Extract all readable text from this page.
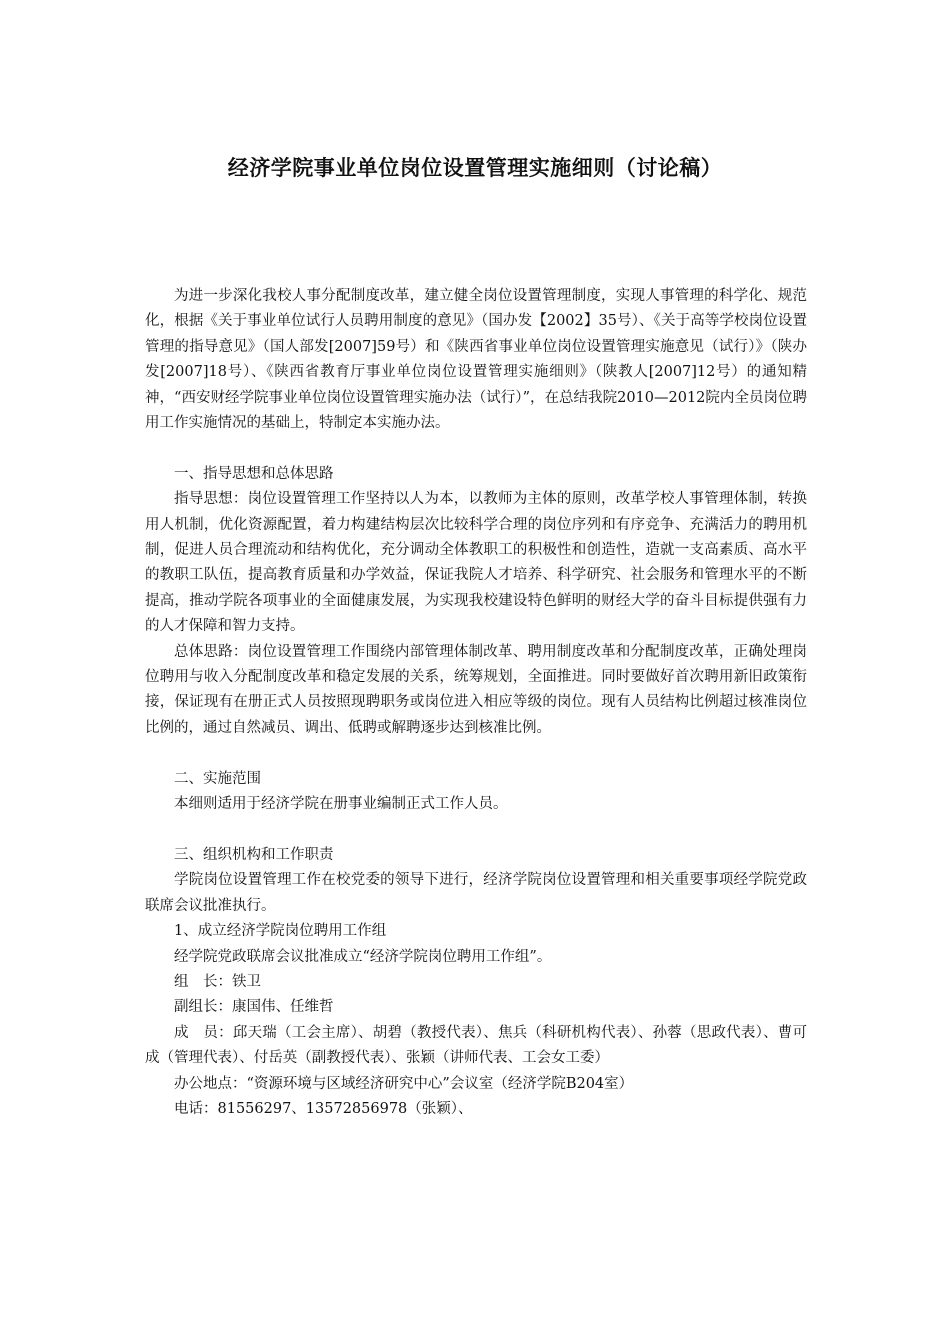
经济学院事业单位岗位设置管理实施细则（讨论稿）

为进一步深化我校人事分配制度改革，建立健全岗位设置管理制度，实现人事管理的科学化、规范化，根据《关于事业单位试行人员聘用制度的意见》（国办发【2002】35号）、《关于高等学校岗位设置管理的指导意见》（国人部发[2007]59号）和《陕西省事业单位岗位设置管理实施意见（试行）》（陕办发[2007]18号）、《陕西省教育厅事业单位岗位设置管理实施细则》（陕教人[2007]12号）的通知精神，“西安财经学院事业单位岗位设置管理实施办法（试行）”，在总结我院2010—2012院内全员岗位聘用工作实施情况的基础上，特制定本实施办法。

一、指导思想和总体思路

指导思想：岗位设置管理工作坚持以人为本，以教师为主体的原则，改革学校人事管理体制，转换用人机制，优化资源配置，着力构建结构层次比较科学合理的岗位序列和有序竞争、充满活力的聘用机制，促进人员合理流动和结构优化，充分调动全体教职工的积极性和创造性，造就一支高素质、高水平的教职工队伍，提高教育质量和办学效益，保证我院人才培养、科学研究、社会服务和管理水平的不断提高，推动学院各项事业的全面健康发展，为实现我校建设特色鲜明的财经大学的奋斗目标提供强有力的人才保障和智力支持。

总体思路：岗位设置管理工作围绕内部管理体制改革、聘用制度改革和分配制度改革，正确处理岗位聘用与收入分配制度改革和稳定发展的关系，统筹规划，全面推进。同时要做好首次聘用新旧政策衔接，保证现有在册正式人员按照现聘职务或岗位进入相应等级的岗位。现有人员结构比例超过核准岗位比例的，通过自然减员、调出、低聘或解聘逐步达到核准比例。

二、实施范围

本细则适用于经济学院在册事业编制正式工作人员。

三、组织机构和工作职责

学院岗位设置管理工作在校党委的领导下进行，经济学院岗位设置管理和相关重要事项经学院党政联席会议批准执行。

1、成立经济学院岗位聘用工作组

经学院党政联席会议批准成立“经济学院岗位聘用工作组”。

组　长：铁卫

副组长：康国伟、任维哲

成　员：邱天瑞（工会主席）、胡碧（教授代表）、焦兵（科研机构代表）、孙蓉（思政代表）、曹可成（管理代表）、付岳英（副教授代表）、张颖（讲师代表、工会女工委）

办公地点：“资源环境与区域经济研究中心”会议室（经济学院B204室）

电话：81556297、13572856978（张颖）、
